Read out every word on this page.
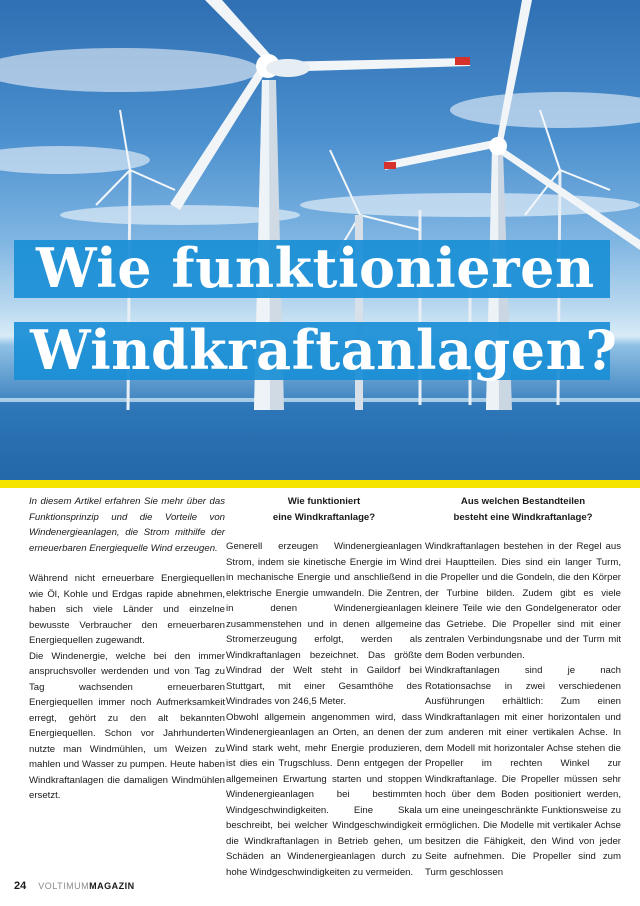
Wie funktionieren
Windkraftanlagen?

In diesem Artikel erfahren Sie mehr über das Funktionsprinzip und die Vorteile von Windenergieanlagen, die Strom mithilfe der erneuerbaren Energiequelle Wind erzeugen.

Während nicht erneuerbare Energiequellen wie Öl, Kohle und Erdgas rapide abnehmen, haben sich viele Länder und einzelne bewusste Verbraucher den erneuerbaren Energiequellen zugewandt.

Die Windenergie, welche bei den immer anspruchsvoller werdenden und von Tag zu Tag wachsenden erneuerbaren Energiequellen immer noch Aufmerksamkeit erregt, gehört zu den alt bekannten Energiequellen. Schon vor Jahrhunderten nutzte man Windmühlen, um Weizen zu mahlen und Wasser zu pumpen. Heute haben Windkraftanlagen die damaligen Windmühlen ersetzt.

Wie funktioniert
eine Windkraftanlage?

Generell erzeugen Windenergieanlagen Strom, indem sie kinetische Energie im Wind in mechanische Energie und anschließend in elektrische Energie umwandeln. Die Zentren, in denen Windenergieanlagen zusammenstehen und in denen allgemeine Stromerzeugung erfolgt, werden als Windkraftanlagen bezeichnet. Das größte Windrad der Welt steht in Gaildorf bei Stuttgart, mit einer Gesamthöhe des Windrades von 246,5 Meter.

Obwohl allgemein angenommen wird, dass Windenergieanlagen an Orten, an denen der Wind stark weht, mehr Energie produzieren, ist dies ein Trugschluss. Denn entgegen der allgemeinen Erwartung starten und stoppen Windenergieanlagen bei bestimmten Windgeschwindigkeiten. Eine Skala beschreibt, bei welcher Windgeschwindigkeit die Windkraftanlagen in Betrieb gehen, um Schäden an Windenergieanlagen durch zu hohe Windgeschwindigkeiten zu vermeiden.

Aus welchen Bestandteilen
besteht eine Windkraftanlage?

Windkraftanlagen bestehen in der Regel aus drei Hauptteilen. Dies sind ein langer Turm, die Propeller und die Gondeln, die den Körper der Turbine bilden. Zudem gibt es viele kleinere Teile wie den Gondelgenerator oder das Getriebe. Die Propeller sind mit einer zentralen Verbindungsnabe und der Turm mit dem Boden verbunden.

Windkraftanlagen sind je nach Rotationsachse in zwei verschiedenen Ausführungen erhältlich: Zum einen Windkraftanlagen mit einer horizontalen und zum anderen mit einer vertikalen Achse. In dem Modell mit horizontaler Achse stehen die Propeller im rechten Winkel zur Windkraftanlage. Die Propeller müssen sehr hoch über dem Boden positioniert werden, um eine uneingeschränkte Funktionsweise zu ermöglichen. Die Modelle mit vertikaler Achse besitzen die Fähigkeit, den Wind von jeder Seite aufnehmen. Die Propeller sind zum Turm geschlossen

24 VOLTIMUMMAGAZIN
